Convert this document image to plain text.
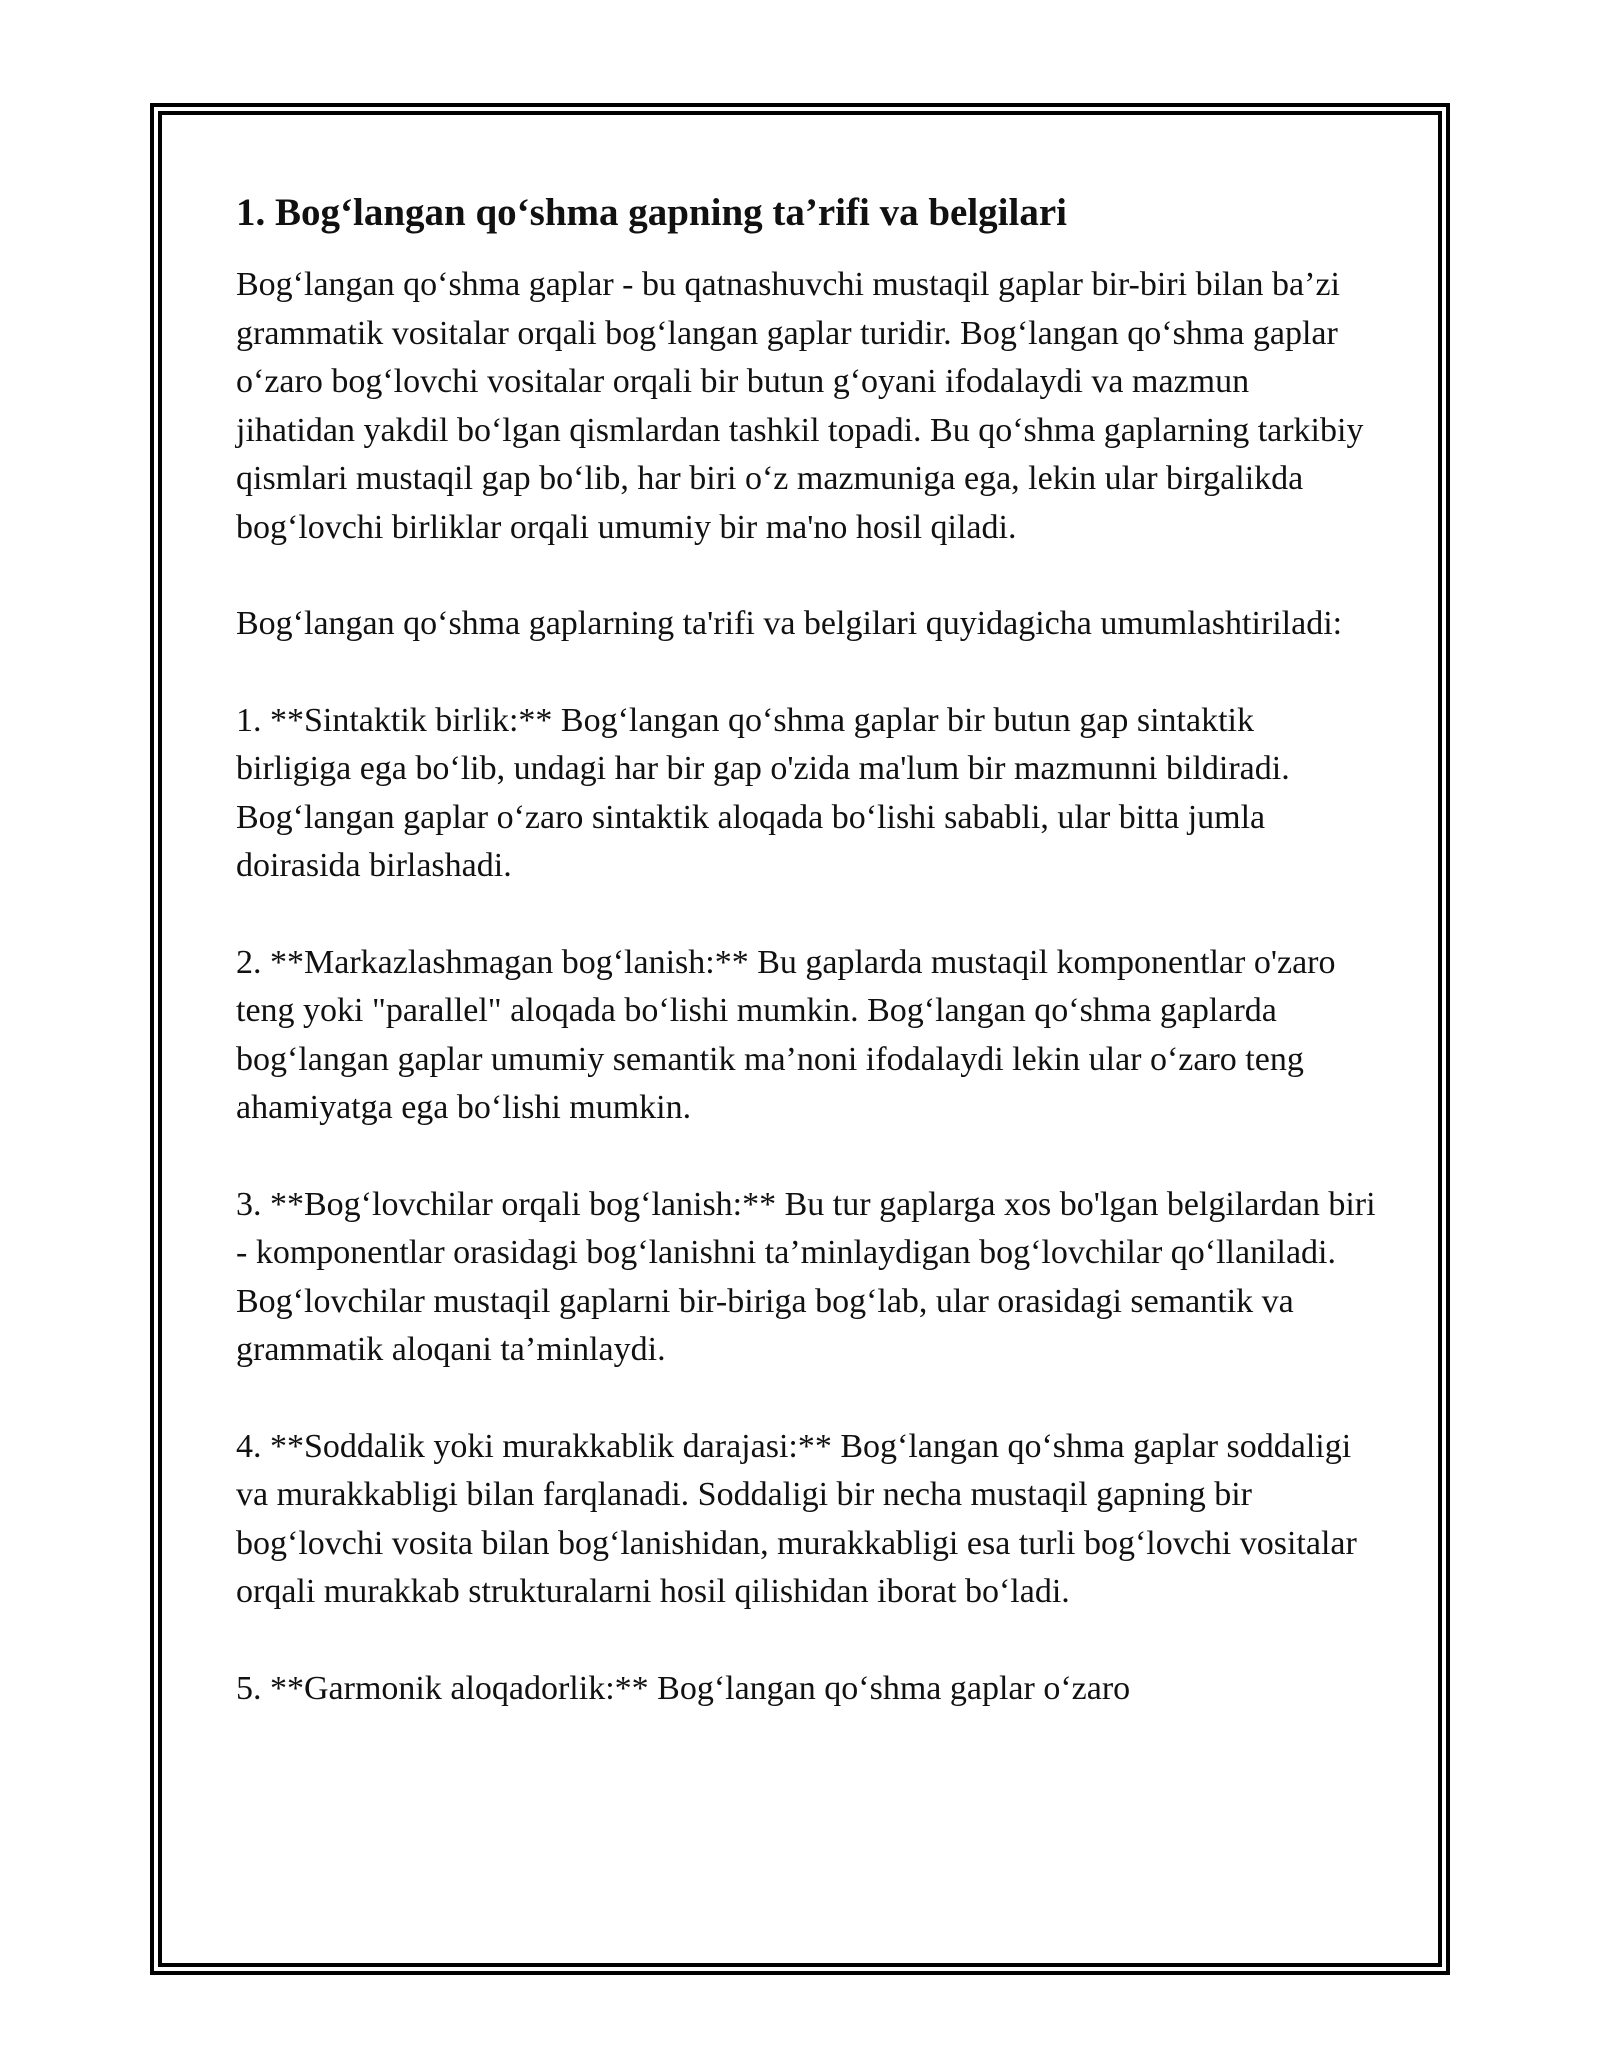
1. Bog‘langan qo‘shma gapning ta’rifi va belgilari

Bog‘langan qo‘shma gaplar - bu qatnashuvchi mustaqil gaplar bir-biri bilan ba’zi grammatik vositalar orqali bog‘langan gaplar turidir. Bog‘langan qo‘shma gaplar o‘zaro bog‘lovchi vositalar orqali bir butun g‘oyani ifodalaydi va mazmun jihatidan yakdil bo‘lgan qismlardan tashkil topadi. Bu qo‘shma gaplarning tarkibiy qismlari mustaqil gap bo‘lib, har biri o‘z mazmuniga ega, lekin ular birgalikda bog‘lovchi birliklar orqali umumiy bir ma'no hosil qiladi.

Bog‘langan qo‘shma gaplarning ta'rifi va belgilari quyidagicha umumlashtiriladi:

1. **Sintaktik birlik:** Bog‘langan qo‘shma gaplar bir butun gap sintaktik birligiga ega bo‘lib, undagi har bir gap o'zida ma'lum bir mazmunni bildiradi. Bog‘langan gaplar o‘zaro sintaktik aloqada bo‘lishi sababli, ular bitta jumla doirasida birlashadi.

2. **Markazlashmagan bog‘lanish:** Bu gaplarda mustaqil komponentlar o'zaro teng yoki "parallel" aloqada bo‘lishi mumkin. Bog‘langan qo‘shma gaplarda bog‘langan gaplar umumiy semantik ma’noni ifodalaydi lekin ular o‘zaro teng ahamiyatga ega bo‘lishi mumkin.

3. **Bog‘lovchilar orqali bog‘lanish:** Bu tur gaplarga xos bo'lgan belgilardan biri - komponentlar orasidagi bog‘lanishni ta’minlaydigan bog‘lovchilar qo‘llaniladi. Bog‘lovchilar mustaqil gaplarni bir-biriga bog‘lab, ular orasidagi semantik va grammatik aloqani ta’minlaydi.

4. **Soddalik yoki murakkablik darajasi:** Bog‘langan qo‘shma gaplar soddaligi va murakkabligi bilan farqlanadi. Soddaligi bir necha mustaqil gapning bir bog‘lovchi vosita bilan bog‘lanishidan, murakkabligi esa turli bog‘lovchi vositalar orqali murakkab strukturalarni hosil qilishidan iborat bo‘ladi.

5. **Garmonik aloqadorlik:** Bog‘langan qo‘shma gaplar o‘zaro
